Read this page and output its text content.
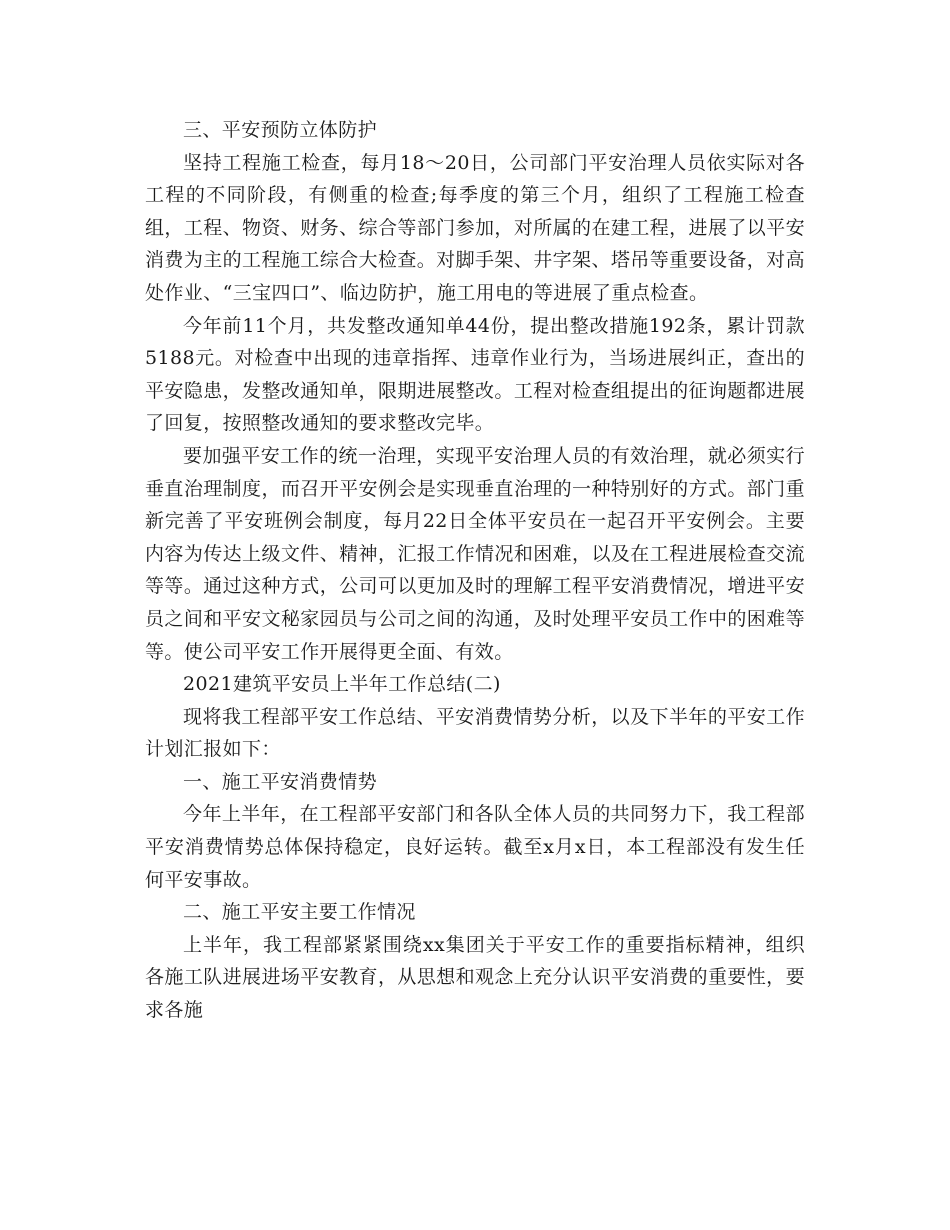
三、平安预防立体防护

坚持工程施工检查，每月18～20日，公司部门平安治理人员依实际对各工程的不同阶段，有侧重的检查;每季度的第三个月，组织了工程施工检查组，工程、物资、财务、综合等部门参加，对所属的在建工程，进展了以平安消费为主的工程施工综合大检查。对脚手架、井字架、塔吊等重要设备，对高处作业、“三宝四口”、临边防护，施工用电的等进展了重点检查。

今年前11个月，共发整改通知单44份，提出整改措施192条，累计罚款5188元。对检查中出现的违章指挥、违章作业行为，当场进展纠正，查出的平安隐患，发整改通知单，限期进展整改。工程对检查组提出的征询题都进展了回复，按照整改通知的要求整改完毕。

要加强平安工作的统一治理，实现平安治理人员的有效治理，就必须实行垂直治理制度，而召开平安例会是实现垂直治理的一种特别好的方式。部门重新完善了平安班例会制度，每月22日全体平安员在一起召开平安例会。主要内容为传达上级文件、精神，汇报工作情况和困难，以及在工程进展检查交流等等。通过这种方式，公司可以更加及时的理解工程平安消费情况，增进平安员之间和平安文秘家园员与公司之间的沟通，及时处理平安员工作中的困难等等。使公司平安工作开展得更全面、有效。

2021建筑平安员上半年工作总结(二)

现将我工程部平安工作总结、平安消费情势分析，以及下半年的平安工作计划汇报如下：

一、施工平安消费情势

今年上半年，在工程部平安部门和各队全体人员的共同努力下，我工程部平安消费情势总体保持稳定，良好运转。截至x月x日，本工程部没有发生任何平安事故。

二、施工平安主要工作情况

上半年，我工程部紧紧围绕xx集团关于平安工作的重要指标精神，组织各施工队进展进场平安教育，从思想和观念上充分认识平安消费的重要性，要求各施
